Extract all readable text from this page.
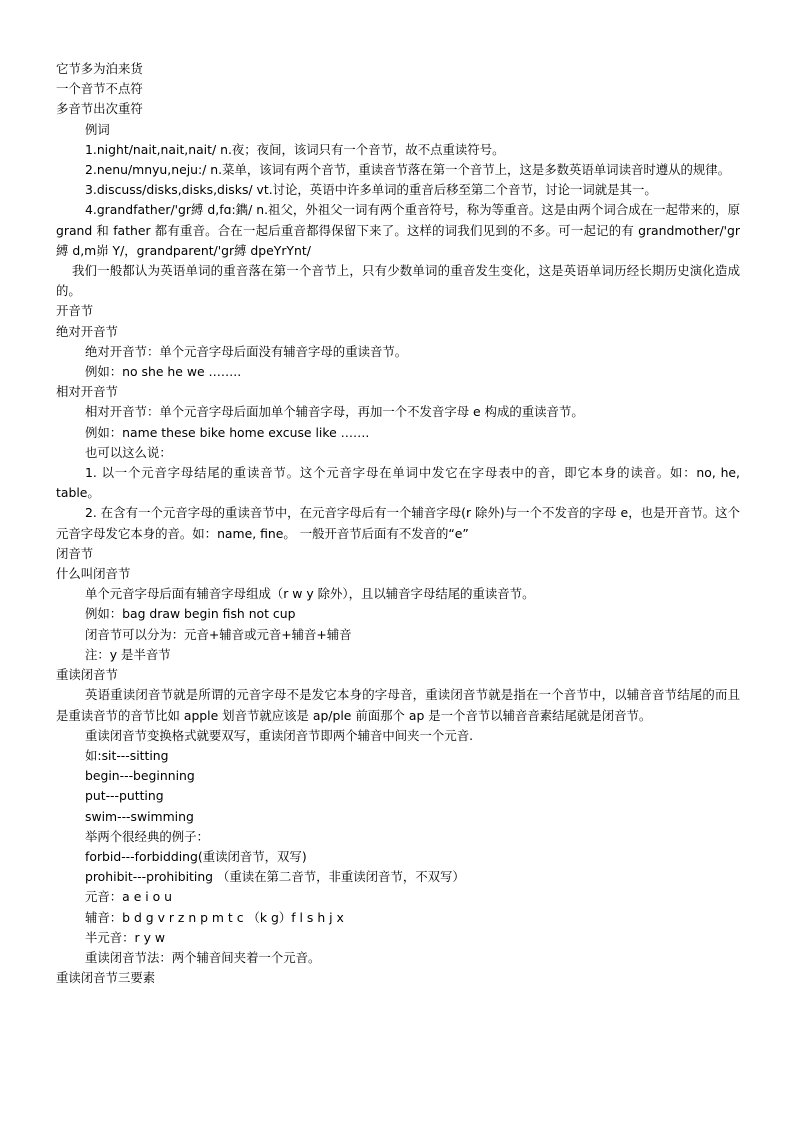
它节多为泊来货
一个音节不点符
多音节出次重符
例词
1.night/nait,nait,nait/ n.夜；夜间，该词只有一个音节，故不点重读符号。
2.nenu/mnyu,neju:/ n.菜单，该词有两个音节，重读音节落在第一个音节上，这是多数英语单词读音时遵从的规律。
3.discuss/disks,disks,disks/ vt.讨论，英语中许多单词的重音后移至第二个音节，讨论一词就是其一。
4.grandfather/'gr縛 d,fɑ:鐫/ n.祖父，外祖父一词有两个重音符号，称为等重音。这是由两个词合成在一起带来的，原 grand 和 father 都有重音。合在一起后重音都得保留下来了。这样的词我们见到的不多。可一起记的有 grandmother/'gr縛 d,m峁 Y/，grandparent/'gr縛 dpeYrYnt/
我们一般都认为英语单词的重音落在第一个音节上，只有少数单词的重音发生变化，这是英语单词历经长期历史演化造成的。
开音节
绝对开音节
绝对开音节：单个元音字母后面没有辅音字母的重读音节。
例如：no she he we ……..
相对开音节
相对开音节：单个元音字母后面加单个辅音字母，再加一个不发音字母 e 构成的重读音节。
例如：name these bike home excuse like …….
也可以这么说：
1. 以一个元音字母结尾的重读音节。这个元音字母在单词中发它在字母表中的音，即它本身的读音。如：no, he, table。
2. 在含有一个元音字母的重读音节中，在元音字母后有一个辅音字母(r 除外)与一个不发音的字母 e，也是开音节。这个元音字母发它本身的音。如：name, fine。 一般开音节后面有不发音的“e”
闭音节
什么叫闭音节
单个元音字母后面有辅音字母组成（r w y 除外），且以辅音字母结尾的重读音节。
例如：bag draw begin fish not cup
闭音节可以分为：元音+辅音或元音+辅音+辅音
注：y 是半音节
重读闭音节
英语重读闭音节就是所谓的元音字母不是发它本身的字母音，重读闭音节就是指在一个音节中，以辅音音节结尾的而且是重读音节的音节比如 apple 划音节就应该是 ap/ple 前面那个 ap 是一个音节以辅音音素结尾就是闭音节。
重读闭音节变换格式就要双写，重读闭音节即两个辅音中间夹一个元音.
如:sit---sitting
begin---beginning
put---putting
swim---swimming
举两个很经典的例子：
forbid---forbidding(重读闭音节，双写)
prohibit---prohibiting （重读在第二音节，非重读闭音节，不双写）
元音：a e i o u
辅音：b d g v r z n p m t c （k g）f l s h j x
半元音：r y w
重读闭音节法：两个辅音间夹着一个元音。
重读闭音节三要素
